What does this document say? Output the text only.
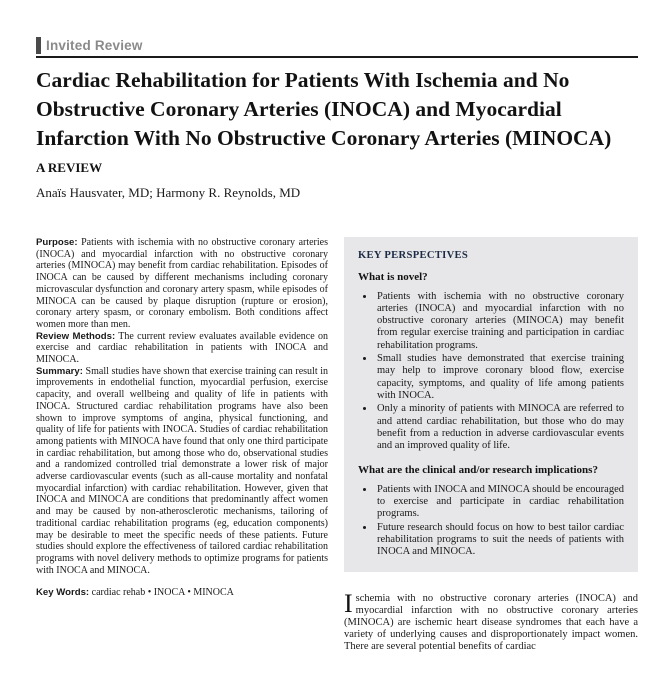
Invited Review
Cardiac Rehabilitation for Patients With Ischemia and No Obstructive Coronary Arteries (INOCA) and Myocardial Infarction With No Obstructive Coronary Arteries (MINOCA)
A REVIEW
Anaïs Hausvater, MD; Harmony R. Reynolds, MD

Purpose: Patients with ischemia with no obstructive coronary arteries (INOCA) and myocardial infarction with no obstructive coronary arteries (MINOCA) may benefit from cardiac rehabilitation. Episodes of INOCA can be caused by different mechanisms including coronary microvascular dysfunction and coronary artery spasm, while episodes of MINOCA can be caused by plaque disruption (rupture or erosion), coronary artery spasm, or coronary embolism. Both conditions affect women more than men.

Review Methods: The current review evaluates available evidence on exercise and cardiac rehabilitation in patients with INOCA and MINOCA.

Summary: Small studies have shown that exercise training can result in improvements in endothelial function, myocardial perfusion, exercise capacity, and overall wellbeing and quality of life in patients with INOCA. Structured cardiac rehabilitation programs have also been shown to improve symptoms of angina, physical functioning, and quality of life for patients with INOCA. Studies of cardiac rehabilitation among patients with MINOCA have found that only one third participate in cardiac rehabilitation, but among those who do, observational studies and a randomized controlled trial demonstrate a lower risk of major adverse cardiovascular events (such as all-cause mortality and nonfatal myocardial infarction) with cardiac rehabilitation. However, given that INOCA and MINOCA are conditions that predominantly affect women and may be caused by non-atherosclerotic mechanisms, tailoring of traditional cardiac rehabilitation programs (eg, education components) may be desirable to meet the specific needs of these patients. Future studies should explore the effectiveness of tailored cardiac rehabilitation programs with novel delivery methods to optimize programs for patients with INOCA and MINOCA.

Key Words: cardiac rehab • INOCA • MINOCA

KEY PERSPECTIVES

What is novel?

• Patients with ischemia with no obstructive coronary arteries (INOCA) and myocardial infarction with no obstructive coronary arteries (MINOCA) may benefit from regular exercise training and participation in cardiac rehabilitation programs.
• Small studies have demonstrated that exercise training may help to improve coronary blood flow, exercise capacity, symptoms, and quality of life among patients with INOCA.
• Only a minority of patients with MINOCA are referred to and attend cardiac rehabilitation, but those who do may benefit from a reduction in adverse cardiovascular events and an improved quality of life.

What are the clinical and/or research implications?

• Patients with INOCA and MINOCA should be encouraged to exercise and participate in cardiac rehabilitation programs.
• Future research should focus on how to best tailor cardiac rehabilitation programs to suit the needs of patients with INOCA and MINOCA.

Ischemia with no obstructive coronary arteries (INOCA) and myocardial infarction with no obstructive coronary arteries (MINOCA) are ischemic heart disease syndromes that each have a variety of underlying causes and disproportionately impact women. There are several potential benefits of cardiac
